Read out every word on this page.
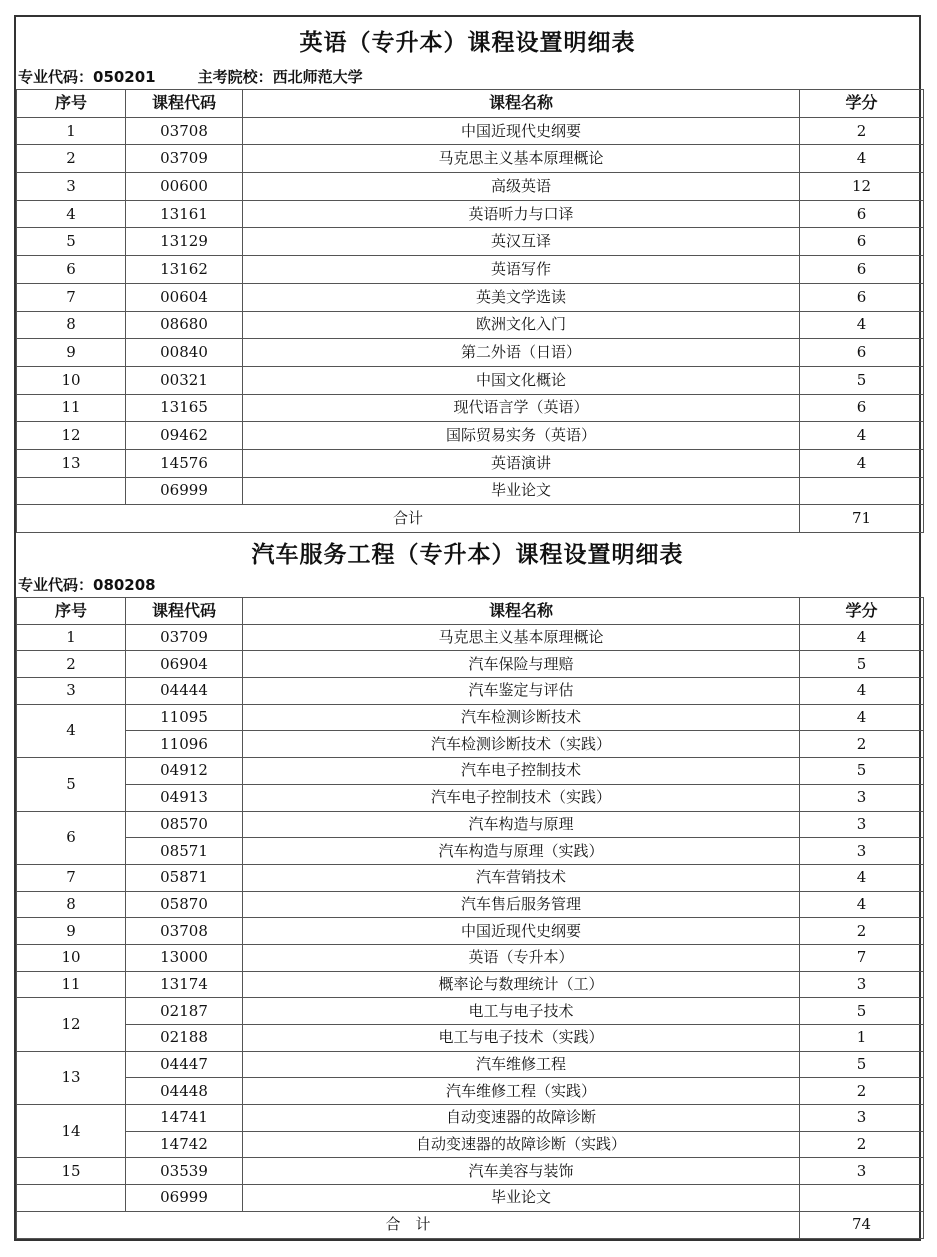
英语（专升本）课程设置明细表
专业代码：050201	主考院校：西北师范大学
序号	课程代码	课程名称	学分
1	03708	中国近现代史纲要	2
2	03709	马克思主义基本原理概论	4
3	00600	高级英语	12
4	13161	英语听力与口译	6
5	13129	英汉互译	6
6	13162	英语写作	6
7	00604	英美文学选读	6
8	08680	欧洲文化入门	4
9	00840	第二外语（日语）	6
10	00321	中国文化概论	5
11	13165	现代语言学（英语）	6
12	09462	国际贸易实务（英语）	4
13	14576	英语演讲	4
	06999	毕业论文	
合计			71
汽车服务工程（专升本）课程设置明细表
专业代码：080208
序号	课程代码	课程名称	学分
1	03709	马克思主义基本原理概论	4
2	06904	汽车保险与理赔	5
3	04444	汽车鉴定与评估	4
4	11095	汽车检测诊断技术	4
	11096	汽车检测诊断技术（实践）	2
5	04912	汽车电子控制技术	5
	04913	汽车电子控制技术（实践）	3
6	08570	汽车构造与原理	3
	08571	汽车构造与原理（实践）	3
7	05871	汽车营销技术	4
8	05870	汽车售后服务管理	4
9	03708	中国近现代史纲要	2
10	13000	英语（专升本）	7
11	13174	概率论与数理统计（工）	3
12	02187	电工与电子技术	5
	02188	电工与电子技术（实践）	1
13	04447	汽车维修工程	5
	04448	汽车维修工程（实践）	2
14	14741	自动变速器的故障诊断	3
	14742	自动变速器的故障诊断（实践）	2
15	03539	汽车美容与装饰	3
	06999	毕业论文	
合　计			74
